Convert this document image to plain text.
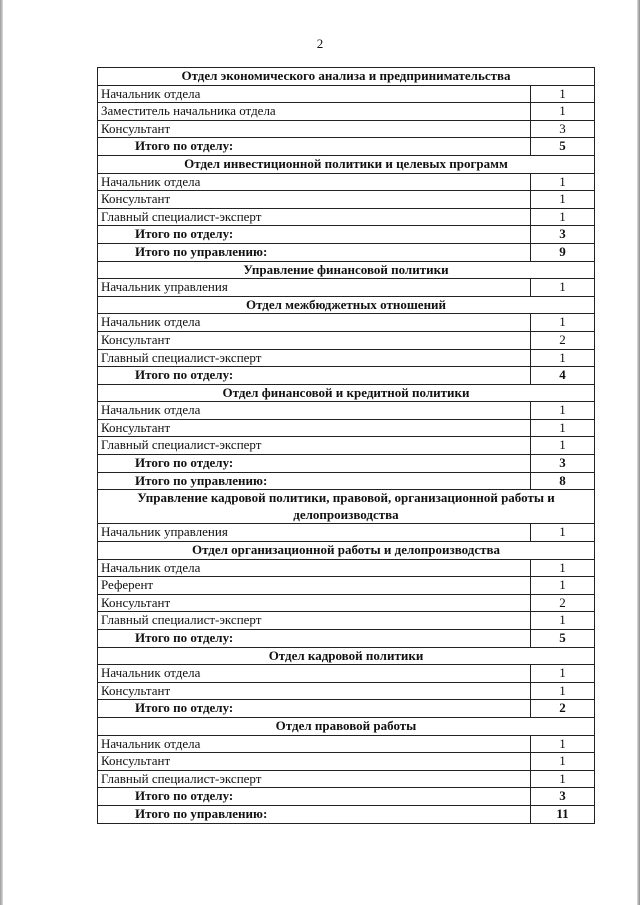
2
Отдел экономического анализа и предпринимательства	
Начальник отдела	1
Заместитель начальника отдела	1
Консультант	3
Итого по отделу:	5
Отдел инвестиционной политики и целевых программ	
Начальник отдела	1
Консультант	1
Главный специалист-эксперт	1
Итого по отделу:	3
Итого по управлению:	9
Управление финансовой политики	
Начальник управления	1
Отдел межбюджетных отношений	
Начальник отдела	1
Консультант	2
Главный специалист-эксперт	1
Итого по отделу:	4
Отдел финансовой и кредитной политики	
Начальник отдела	1
Консультант	1
Главный специалист-эксперт	1
Итого по отделу:	3
Итого по управлению:	8
Управление кадровой политики, правовой, организационной работы и делопроизводства	
Начальник управления	1
Отдел организационной работы и делопроизводства	
Начальник отдела	1
Референт	1
Консультант	2
Главный специалист-эксперт	1
Итого по отделу:	5
Отдел кадровой политики	
Начальник отдела	1
Консультант	1
Итого по отделу:	2
Отдел правовой работы	
Начальник отдела	1
Консультант	1
Главный специалист-эксперт	1
Итого по отделу:	3
Итого по управлению:	11
